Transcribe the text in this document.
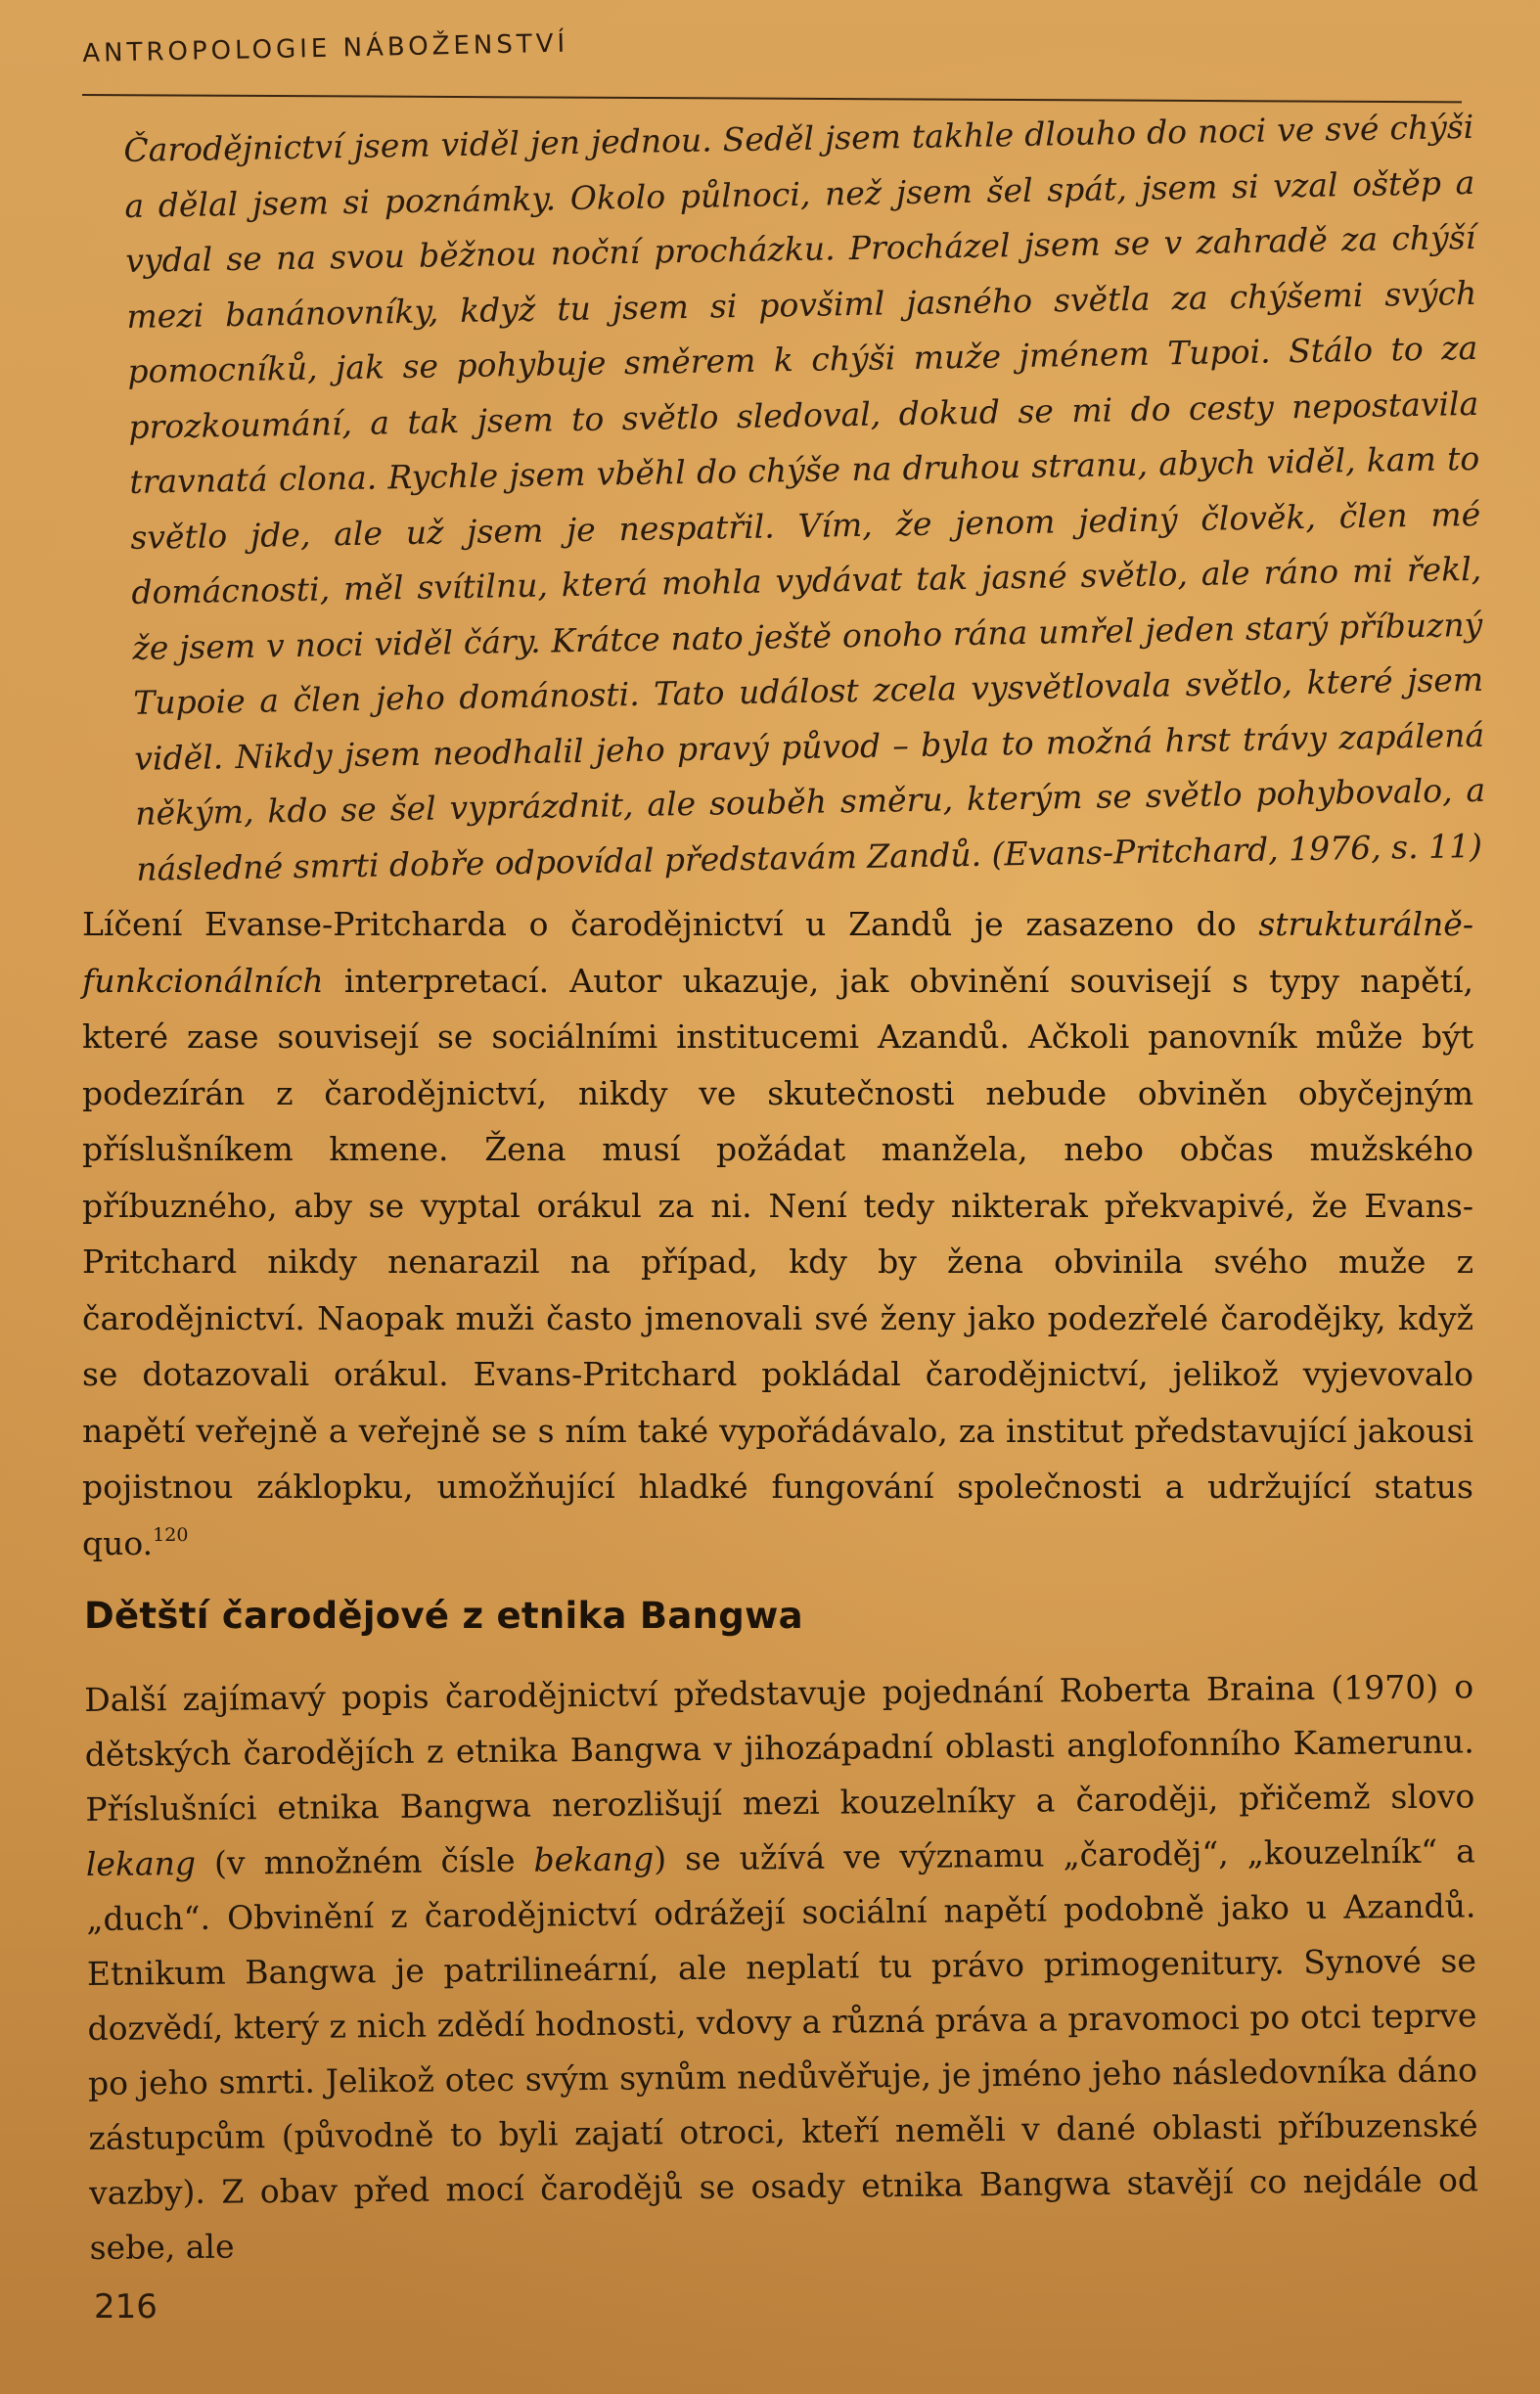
ANTROPOLOGIE NÁBOŽENSTVÍ

Čarodějnictví jsem viděl jen jednou. Seděl jsem takhle dlouho do noci ve své chýši a dělal jsem si poznámky. Okolo půlnoci, než jsem šel spát, jsem si vzal oštěp a vydal se na svou běžnou noční procházku. Procházel jsem se v zahradě za chýší mezi banánovníky, když tu jsem si povšiml jasného světla za chýšemi svých pomocníků, jak se pohybuje směrem k chýši muže jménem Tupoi. Stálo to za prozkoumání, a tak jsem to světlo sledoval, dokud se mi do cesty nepostavila travnatá clona. Rychle jsem vběhl do chýše na druhou stranu, abych viděl, kam to světlo jde, ale už jsem je nespatřil. Vím, že jenom jediný člověk, člen mé domácnosti, měl svítilnu, která mohla vydávat tak jasné světlo, ale ráno mi řekl, že jsem v noci viděl čáry. Krátce nato ještě onoho rána umřel jeden starý příbuzný Tupoie a člen jeho dománosti. Tato událost zcela vysvětlovala světlo, které jsem viděl. Nikdy jsem neodhalil jeho pravý původ – byla to možná hrst trávy zapálená někým, kdo se šel vyprázdnit, ale souběh směru, kterým se světlo pohybovalo, a následné smrti dobře odpovídal představám Zandů. (Evans-Pritchard, 1976, s. 11)

Líčení Evanse-Pritcharda o čarodějnictví u Zandů je zasazeno do strukturálně-funkcionálních interpretací. Autor ukazuje, jak obvinění souvisejí s typy napětí, které zase souvisejí se sociálními institucemi Azandů. Ačkoli panovník může být podezírán z čarodějnictví, nikdy ve skutečnosti nebude obviněn obyčejným příslušníkem kmene. Žena musí požádat manžela, nebo občas mužského příbuzného, aby se vyptal orákul za ni. Není tedy nikterak překvapivé, že Evans-Pritchard nikdy nenarazil na případ, kdy by žena obvinila svého muže z čarodějnictví. Naopak muži často jmenovali své ženy jako podezřelé čarodějky, když se dotazovali orákul. Evans-Pritchard pokládal čarodějnictví, jelikož vyjevovalo napětí veřejně a veřejně se s ním také vypořádávalo, za institut představující jakousi pojistnou záklopku, umožňující hladké fungování společnosti a udržující status quo.$^{120}$

Dětští čarodějové z etnika Bangwa

Další zajímavý popis čarodějnictví představuje pojednání Roberta Braina (1970) o dětských čarodějích z etnika Bangwa v jihozápadní oblasti anglofonního Kamerunu. Příslušníci etnika Bangwa nerozlišují mezi kouzelníky a čaroději, přičemž slovo lekang (v množném čísle bekang) se užívá ve významu „čaroděj“, „kouzelník“ a „duch“. Obvinění z čarodějnictví odrážejí sociální napětí podobně jako u Azandů. Etnikum Bangwa je patrilineární, ale neplatí tu právo primogenitury. Synové se dozvědí, který z nich zdědí hodnosti, vdovy a různá práva a pravomoci po otci teprve po jeho smrti. Jelikož otec svým synům nedůvěřuje, je jméno jeho následovníka dáno zástupcům (původně to byli zajatí otroci, kteří neměli v dané oblasti příbuzenské vazby). Z obav před mocí čarodějů se osady etnika Bangwa stavějí co nejdále od sebe, ale

216
